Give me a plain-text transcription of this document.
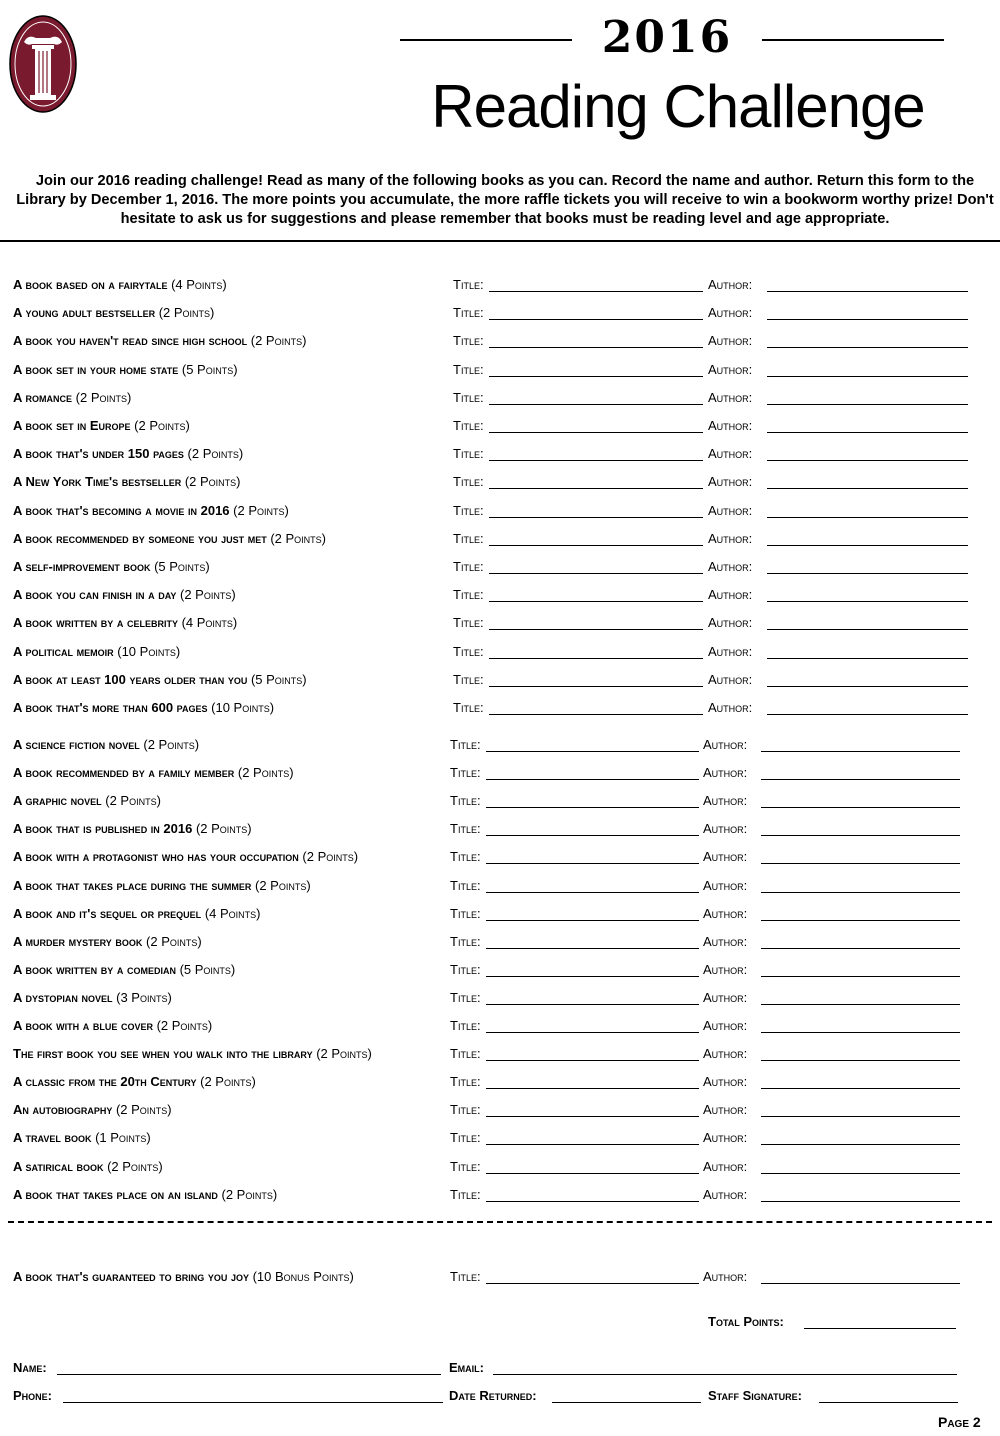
2016
Reading Challenge
Join our 2016 reading challenge! Read as many of the following books as you can. Record the name and author. Return this form to the Library by December 1, 2016. The more points you accumulate, the more raffle tickets you will receive to win a bookworm worthy prize! Don't hesitate to ask us for suggestions and please remember that books must be reading level and age appropriate.
A book based on a fairytale (4 Points)	Title:	Author:
A young adult bestseller (2 Points)	Title:	Author:
A book you haven't read since high school (2 Points)	Title:	Author:
A book set in your home state (5 Points)	Title:	Author:
A romance (2 Points)	Title:	Author:
A book set in Europe (2 Points)	Title:	Author:
A book that's under 150 pages (2 Points)	Title:	Author:
A New York Time's bestseller (2 Points)	Title:	Author:
A book that's becoming a movie in 2016 (2 Points)	Title:	Author:
A book recommended by someone you just met (2 Points)	Title:	Author:
A self-improvement book (5 Points)	Title:	Author:
A book you can finish in a day (2 Points)	Title:	Author:
A book written by a celebrity (4 Points)	Title:	Author:
A political memoir (10 Points)	Title:	Author:
A book at least 100 years older than you (5 Points)	Title:	Author:
A book that's more than 600 pages (10 Points)	Title:	Author:
A science fiction novel (2 Points)	Title:	Author:
A book recommended by a family member (2 Points)	Title:	Author:
A graphic novel (2 Points)	Title:	Author:
A book that is published in 2016 (2 Points)	Title:	Author:
A book with a protagonist who has your occupation (2 Points)	Title:	Author:
A book that takes place during the summer (2 Points)	Title:	Author:
A book and it's sequel or prequel (4 Points)	Title:	Author:
A murder mystery book (2 Points)	Title:	Author:
A book written by a comedian (5 Points)	Title:	Author:
A dystopian novel (3 Points)	Title:	Author:
A book with a blue cover (2 Points)	Title:	Author:
The first book you see when you walk into the library (2 Points)	Title:	Author:
A classic from the 20th Century (2 Points)	Title:	Author:
An autobiography (2 Points)	Title:	Author:
A travel book (1 Points)	Title:	Author:
A satirical book (2 Points)	Title:	Author:
A book that takes place on an island (2 Points)	Title:	Author:
A book that's guaranteed to bring you joy (10 Bonus Points)	Title:	Author:
Total Points:
Name:	Email:
Phone:	Date Returned:	Staff Signature:
Page 2
